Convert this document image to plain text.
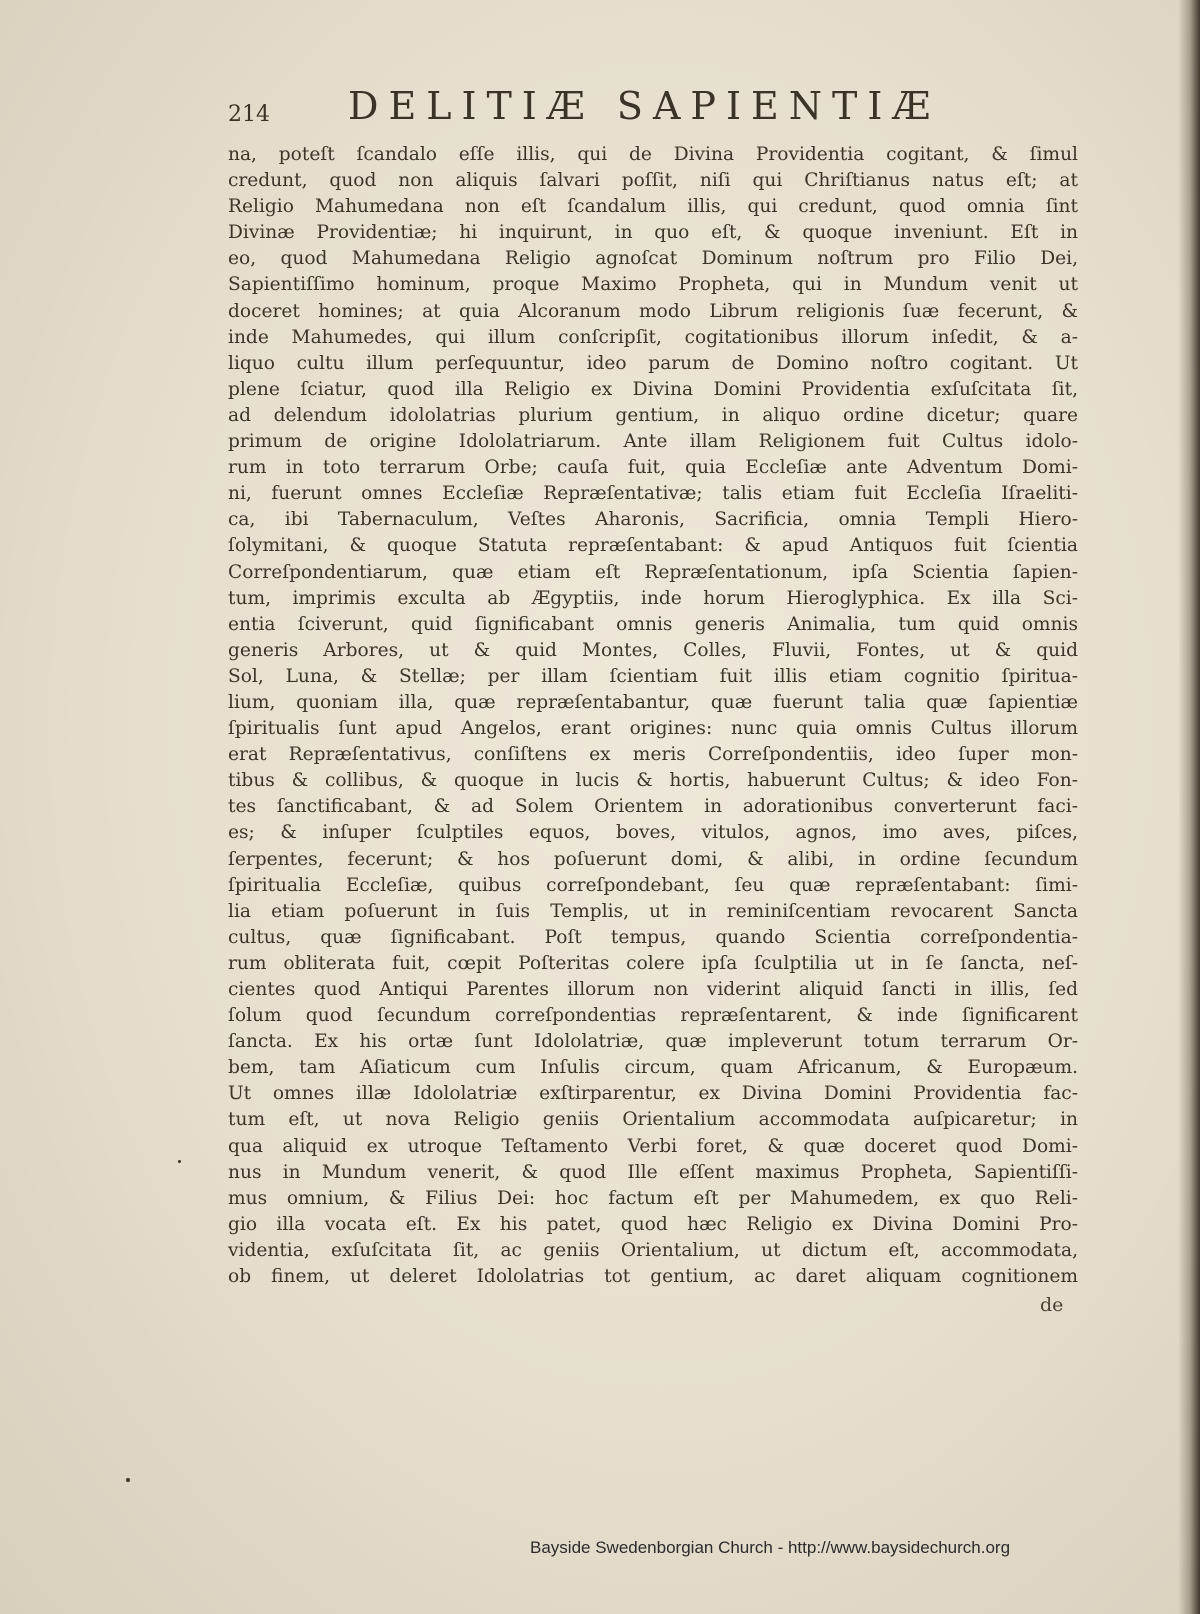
214 DELITIÆ SAPIENTIÆ
na, poteſt ſcandalo eſſe illis, qui de Divina Providentia cogitant, & ſimul
credunt, quod non aliquis ſalvari poſſit, niſi qui Chriſtianus natus eſt; at
Religio Mahumedana non eſt ſcandalum illis, qui credunt, quod omnia ſint
Divinæ Providentiæ; hi inquirunt, in quo eſt, & quoque inveniunt. Eſt in
eo, quod Mahumedana Religio agnoſcat Dominum noſtrum pro Filio Dei,
Sapientiſſimo hominum, proque Maximo Propheta, qui in Mundum venit ut
doceret homines; at quia Alcoranum modo Librum religionis ſuæ fecerunt, &
inde Mahumedes, qui illum conſcripſit, cogitationibus illorum inſedit, & a-
liquo cultu illum perſequuntur, ideo parum de Domino noſtro cogitant. Ut
plene ſciatur, quod illa Religio ex Divina Domini Providentia exſuſcitata ſit,
ad delendum idololatrias plurium gentium, in aliquo ordine dicetur; quare
primum de origine Idololatriarum. Ante illam Religionem fuit Cultus idolo-
rum in toto terrarum Orbe; cauſa fuit, quia Eccleſiæ ante Adventum Domi-
ni, fuerunt omnes Eccleſiæ Repræſentativæ; talis etiam fuit Eccleſia Iſraeliti-
ca, ibi Tabernaculum, Veſtes Aharonis, Sacrificia, omnia Templi Hiero-
ſolymitani, & quoque Statuta repræſentabant: & apud Antiquos fuit ſcientia
Correſpondentiarum, quæ etiam eſt Repræſentationum, ipſa Scientia ſapien-
tum, imprimis exculta ab Ægyptiis, inde horum Hieroglyphica. Ex illa Sci-
entia ſciverunt, quid ſignificabant omnis generis Animalia, tum quid omnis
generis Arbores, ut & quid Montes, Colles, Fluvii, Fontes, ut & quid
Sol, Luna, & Stellæ; per illam ſcientiam fuit illis etiam cognitio ſpiritua-
lium, quoniam illa, quæ repræſentabantur, quæ fuerunt talia quæ ſapientiæ
ſpiritualis ſunt apud Angelos, erant origines: nunc quia omnis Cultus illorum
erat Repræſentativus, conſiſtens ex meris Correſpondentiis, ideo ſuper mon-
tibus & collibus, & quoque in lucis & hortis, habuerunt Cultus; & ideo Fon-
tes ſanctificabant, & ad Solem Orientem in adorationibus converterunt faci-
es; & inſuper ſculptiles equos, boves, vitulos, agnos, imo aves, piſces,
ſerpentes, fecerunt; & hos poſuerunt domi, & alibi, in ordine ſecundum
ſpiritualia Eccleſiæ, quibus correſpondebant, ſeu quæ repræſentabant: ſimi-
lia etiam poſuerunt in ſuis Templis, ut in reminiſcentiam revocarent Sancta
cultus, quæ ſignificabant. Poſt tempus, quando Scientia correſpondentia-
rum obliterata fuit, cœpit Poſteritas colere ipſa ſculptilia ut in ſe ſancta, neſ-
cientes quod Antiqui Parentes illorum non viderint aliquid ſancti in illis, ſed
ſolum quod ſecundum correſpondentias repræſentarent, & inde ſignificarent
ſancta. Ex his ortæ ſunt Idololatriæ, quæ impleverunt totum terrarum Or-
bem, tam Aſiaticum cum Inſulis circum, quam Africanum, & Europæum.
Ut omnes illæ Idololatriæ exſtirparentur, ex Divina Domini Providentia fac-
tum eſt, ut nova Religio geniis Orientalium accommodata auſpicaretur; in
qua aliquid ex utroque Teſtamento Verbi foret, & quæ doceret quod Domi-
nus in Mundum venerit, & quod Ille eſſent maximus Propheta, Sapientiſſi-
mus omnium, & Filius Dei: hoc factum eſt per Mahumedem, ex quo Reli-
gio illa vocata eſt. Ex his patet, quod hæc Religio ex Divina Domini Pro-
videntia, exſuſcitata ſit, ac geniis Orientalium, ut dictum eſt, accommodata,
ob finem, ut deleret Idololatrias tot gentium, ac daret aliquam cognitionem
de
Bayside Swedenborgian Church - http://www.baysidechurch.org
